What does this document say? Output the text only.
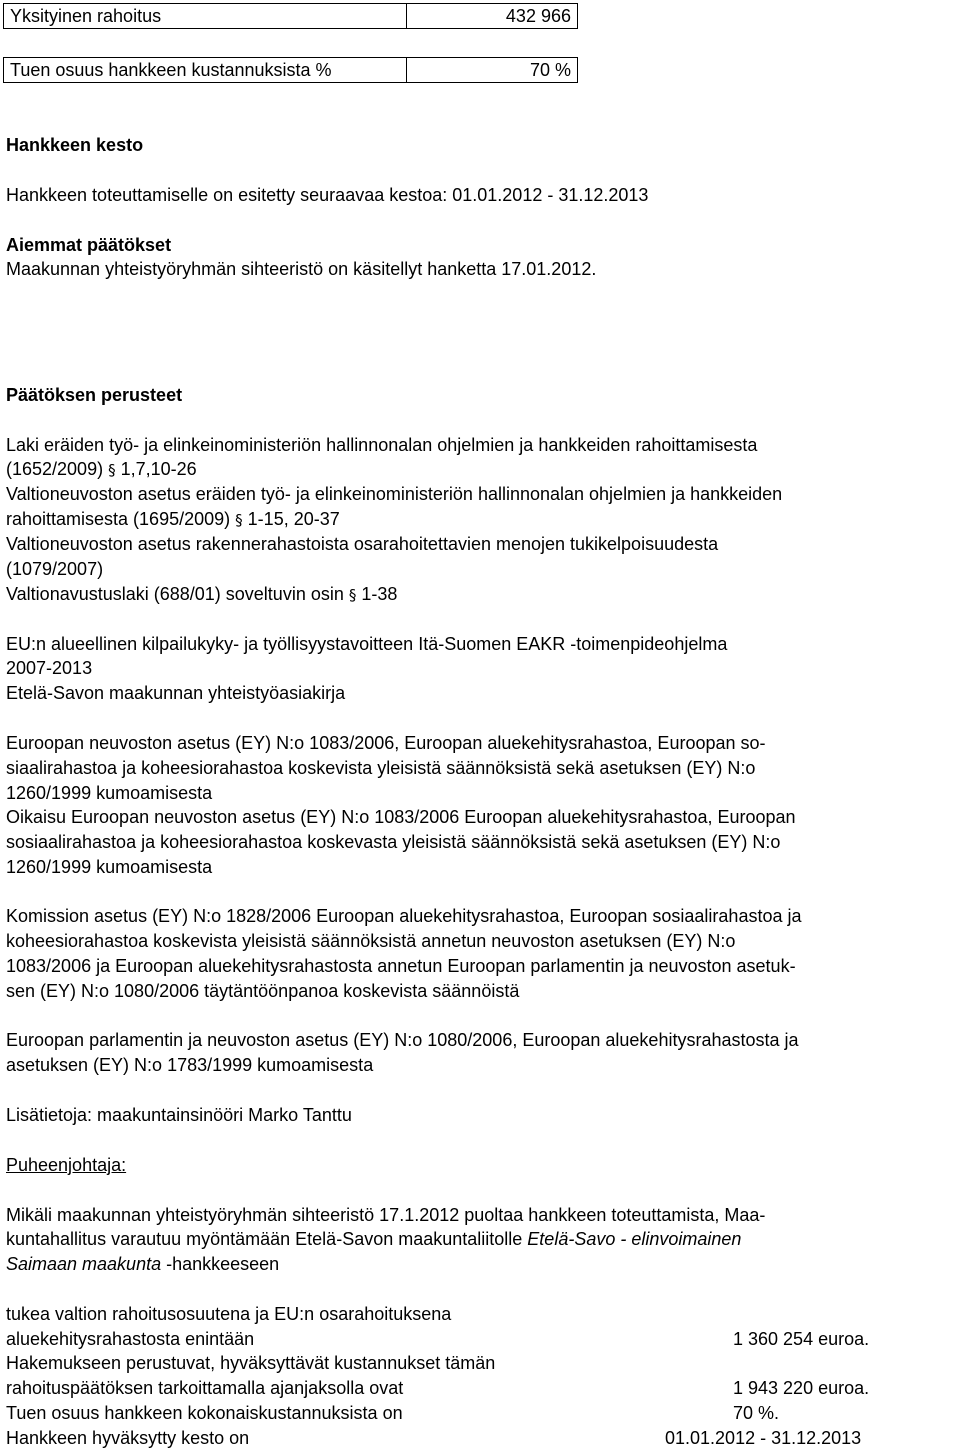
Yksityinen rahoitus	432 966
Tuen osuus hankkeen kustannuksista %	70 %
Hankkeen kesto
Hankkeen toteuttamiselle on esitetty seuraavaa kestoa: 01.01.2012 - 31.12.2013
Aiemmat päätökset
Maakunnan yhteistyöryhmän sihteeristö on käsitellyt hanketta 17.01.2012.
Päätöksen perusteet
Laki eräiden työ- ja elinkeinoministeriön hallinnonalan ohjelmien ja hankkeiden rahoittamisesta
(1652/2009) § 1,7,10-26
Valtioneuvoston asetus eräiden työ- ja elinkeinoministeriön hallinnonalan ohjelmien ja hankkeiden
rahoittamisesta (1695/2009) § 1-15, 20-37
Valtioneuvoston asetus rakennerahastoista osarahoitettavien menojen tukikelpoisuudesta
(1079/2007)
Valtionavustuslaki (688/01) soveltuvin osin § 1-38
EU:n alueellinen kilpailukyky- ja työllisyystavoitteen Itä-Suomen EAKR -toimenpideohjelma
2007-2013
Etelä-Savon maakunnan yhteistyöasiakirja
Euroopan neuvoston asetus (EY) N:o 1083/2006, Euroopan aluekehitysrahastoa, Euroopan so-
siaalirahastoa ja koheesiorahastoa koskevista yleisistä säännöksistä sekä asetuksen (EY) N:o
1260/1999 kumoamisesta
Oikaisu Euroopan neuvoston asetus (EY) N:o 1083/2006 Euroopan aluekehitysrahastoa, Euroopan
sosiaalirahastoa ja koheesiorahastoa koskevasta yleisistä säännöksistä sekä asetuksen (EY) N:o
1260/1999 kumoamisesta
Komission asetus (EY) N:o 1828/2006 Euroopan aluekehitysrahastoa, Euroopan sosiaalirahastoa ja
koheesiorahastoa koskevista yleisistä säännöksistä annetun neuvoston asetuksen (EY) N:o
1083/2006 ja Euroopan aluekehitysrahastosta annetun Euroopan parlamentin ja neuvoston asetuk-
sen (EY) N:o 1080/2006 täytäntöönpanoa koskevista säännöistä
Euroopan parlamentin ja neuvoston asetus (EY) N:o 1080/2006, Euroopan aluekehitysrahastosta ja
asetuksen (EY) N:o 1783/1999 kumoamisesta
Lisätietoja: maakuntainsinööri Marko Tanttu
Puheenjohtaja:
Mikäli maakunnan yhteistyöryhmän sihteeristö 17.1.2012 puoltaa hankkeen toteuttamista, Maa-
kuntahallitus varautuu myöntämään Etelä-Savon maakuntaliitolle Etelä-Savo - elinvoimainen
Saimaan maakunta -hankkeeseen
tukea valtion rahoitusosuutena ja EU:n osarahoituksena
aluekehitysrahastosta enintään	1 360 254 euroa.
Hakemukseen perustuvat, hyväksyttävät kustannukset tämän
rahoituspäätöksen tarkoittamalla ajanjaksolla ovat	1 943 220 euroa.
Tuen osuus hankkeen kokonaiskustannuksista on	70 %.
Hankkeen hyväksytty kesto on	01.01.2012 - 31.12.2013
